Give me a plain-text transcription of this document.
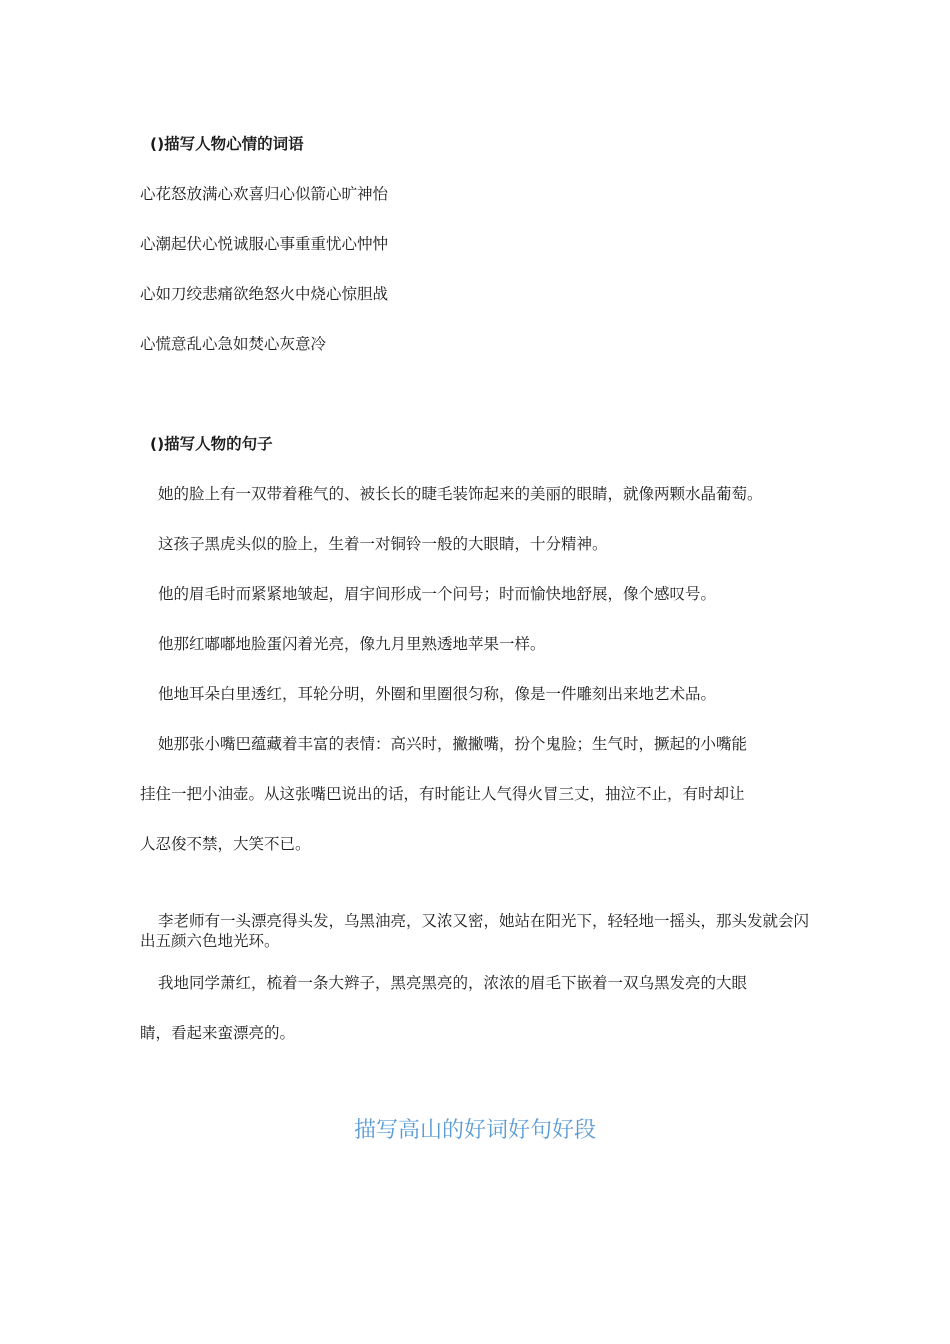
()描写人物心情的词语
心花怒放满心欢喜归心似箭心旷神怡
心潮起伏心悦诚服心事重重忧心忡忡
心如刀绞悲痛欲绝怒火中烧心惊胆战
心慌意乱心急如焚心灰意冷
()描写人物的句子
她的脸上有一双带着稚气的、被长长的睫毛装饰起来的美丽的眼睛，就像两颗水晶葡萄。
这孩子黑虎头似的脸上，生着一对铜铃一般的大眼睛，十分精神。
他的眉毛时而紧紧地皱起，眉宇间形成一个问号；时而愉快地舒展，像个感叹号。
他那红嘟嘟地脸蛋闪着光亮，像九月里熟透地苹果一样。
他地耳朵白里透红，耳轮分明，外圈和里圈很匀称，像是一件雕刻出来地艺术品。
她那张小嘴巴蕴藏着丰富的表情：高兴时，撇撇嘴，扮个鬼脸；生气时，撅起的小嘴能
挂住一把小油壶。从这张嘴巴说出的话，有时能让人气得火冒三丈，抽泣不止，有时却让
人忍俊不禁，大笑不已。
李老师有一头漂亮得头发，乌黑油亮，又浓又密，她站在阳光下，轻轻地一摇头，那头发就会闪出五颜六色地光环。
我地同学萧红，梳着一条大辫子，黑亮黑亮的，浓浓的眉毛下嵌着一双乌黑发亮的大眼
睛，看起来蛮漂亮的。
描写高山的好词好句好段
